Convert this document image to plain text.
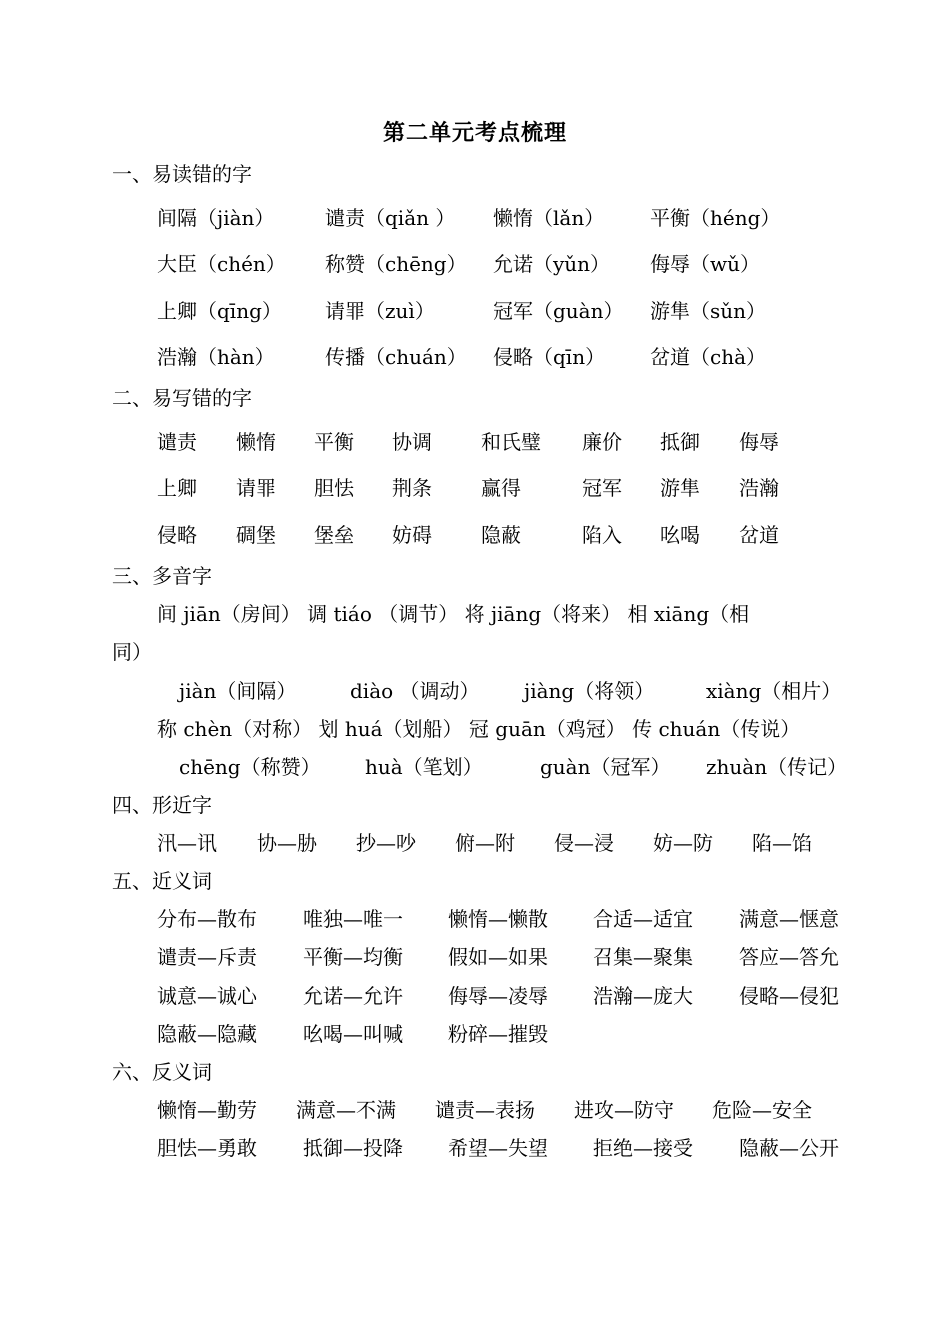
第二单元考点梳理
一、易读错的字
间隔（jiàn）	谴责（qiǎn ） 懒惰（lǎn） 平衡（héng）
大臣（chén） 称赞（chēng） 允诺（yǔn） 侮辱（wǔ）
上卿（qīng） 请罪（zuì）	冠军（guàn） 游隼（sǔn）
浩瀚（hàn）	传播（chuán） 侵略（qīn） 岔道（chà）
二、易写错的字
谴责 懒惰 平衡 协调 和氏璧 廉价 抵御 侮辱
上卿 请罪 胆怯 荆条 赢得	冠军 游隼 浩瀚
侵略 碉堡 堡垒 妨碍 隐蔽	陷入 吆喝 岔道
三、多音字
间 jiān（房间） 调 tiáo （调节） 将 jiāng（将来） 相 xiāng（相
同）
jiàn（间隔）	diào （调动） jiàng（将领）	xiàng（相片）
称 chèn（对称） 划 huá（划船） 冠 guān（鸡冠） 传 chuán（传说）
chēng（称赞） huà（笔划）	guàn（冠军） zhuàn（传记）
四、形近字
汛—讯 协—胁 抄—吵 俯—附 侵—浸 妨—防 陷—馅
五、近义词
分布—散布 唯独—唯一 懒惰—懒散 合适—适宜 满意—惬意
谴责—斥责 平衡—均衡 假如—如果 召集—聚集 答应—答允
诚意—诚心 允诺—允许 侮辱—凌辱 浩瀚—庞大 侵略—侵犯
隐蔽—隐藏 吆喝—叫喊 粉碎—摧毁
六、反义词
懒惰—勤劳 满意—不满 谴责—表扬 进攻—防守 危险—安全
胆怯—勇敢 抵御—投降 希望—失望 拒绝—接受 隐蔽—公开
